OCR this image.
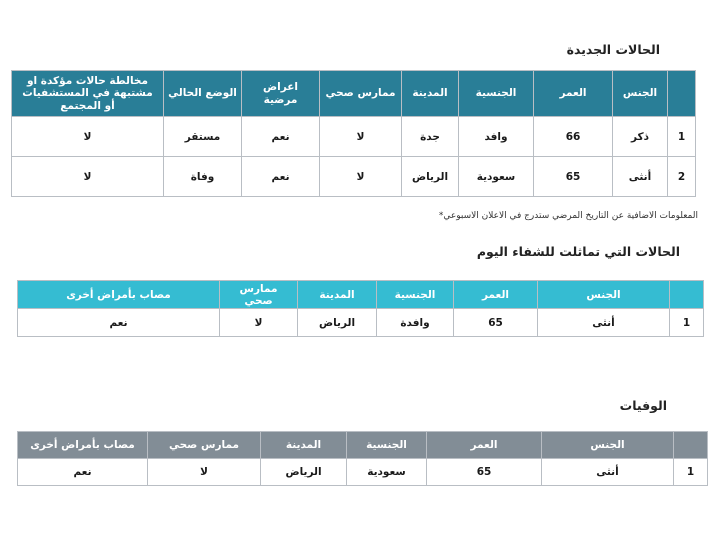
الحالات الجديدة
	الجنس	العمر	الجنسية	المدينة	ممارس صحي	اعراض مرضية	الوضع الحالي	مخالطة حالات مؤكدة او مشتبهة في المستشفيات أو المجتمع
1	ذكر	66	وافد	جدة	لا	نعم	مستقر	لا
2	أنثى	65	سعودية	الرياض	لا	نعم	وفاة	لا
المعلومات الاضافية عن التاريخ المرضي ستدرج في الاعلان الاسبوعي*
الحالات التي تماثلت للشفاء اليوم
	الجنس	العمر	الجنسية	المدينة	ممارس صحي	مصاب بأمراض أخرى
1	أنثى	65	وافدة	الرياض	لا	نعم
الوفيات
	الجنس	العمر	الجنسية	المدينة	ممارس صحي	مصاب بأمراض أخرى
1	أنثى	65	سعودية	الرياض	لا	نعم
